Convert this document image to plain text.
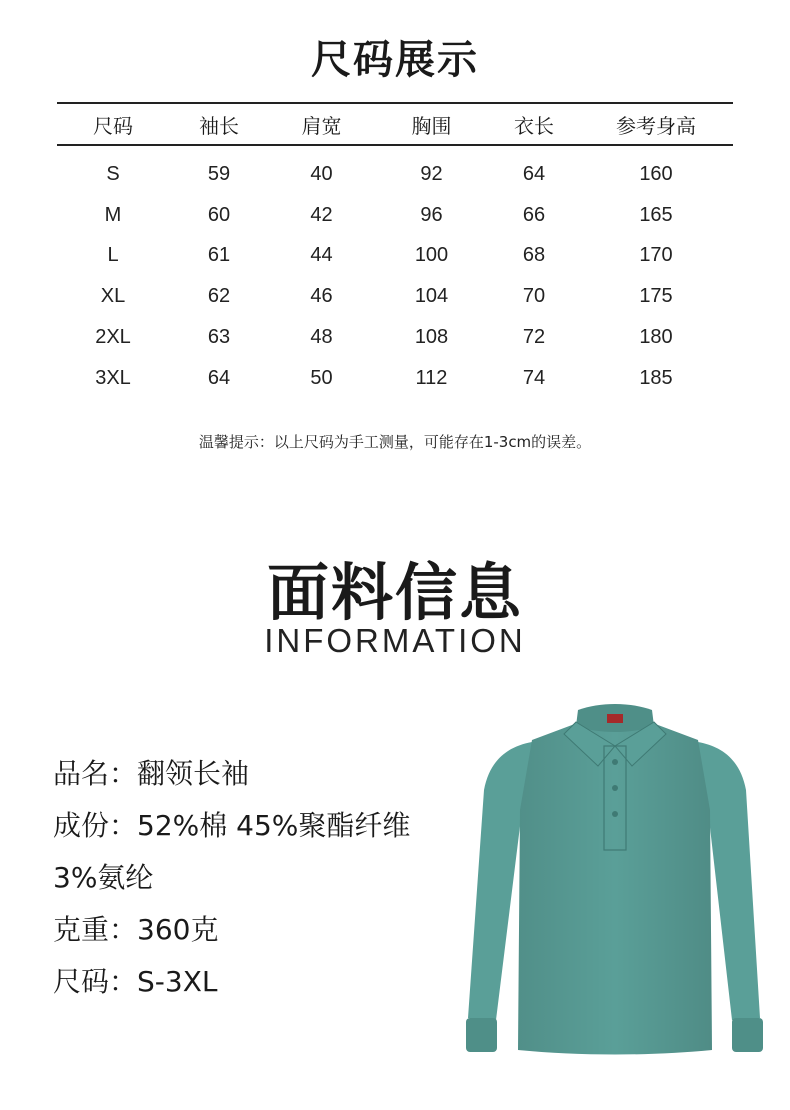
尺码展示
尺码	袖长	肩宽	胸围	衣长	参考身高
S	59	40	92	64	160
M	60	42	96	66	165
L	61	44	100	68	170
XL	62	46	104	70	175
2XL	63	48	108	72	180
3XL	64	50	112	74	185
温馨提示：以上尺码为手工测量，可能存在1-3cm的误差。
面料信息
INFORMATION
品名：翻领长袖
成份：52%棉 45%聚酯纤维
3%氨纶
克重：360克
尺码：S-3XL
